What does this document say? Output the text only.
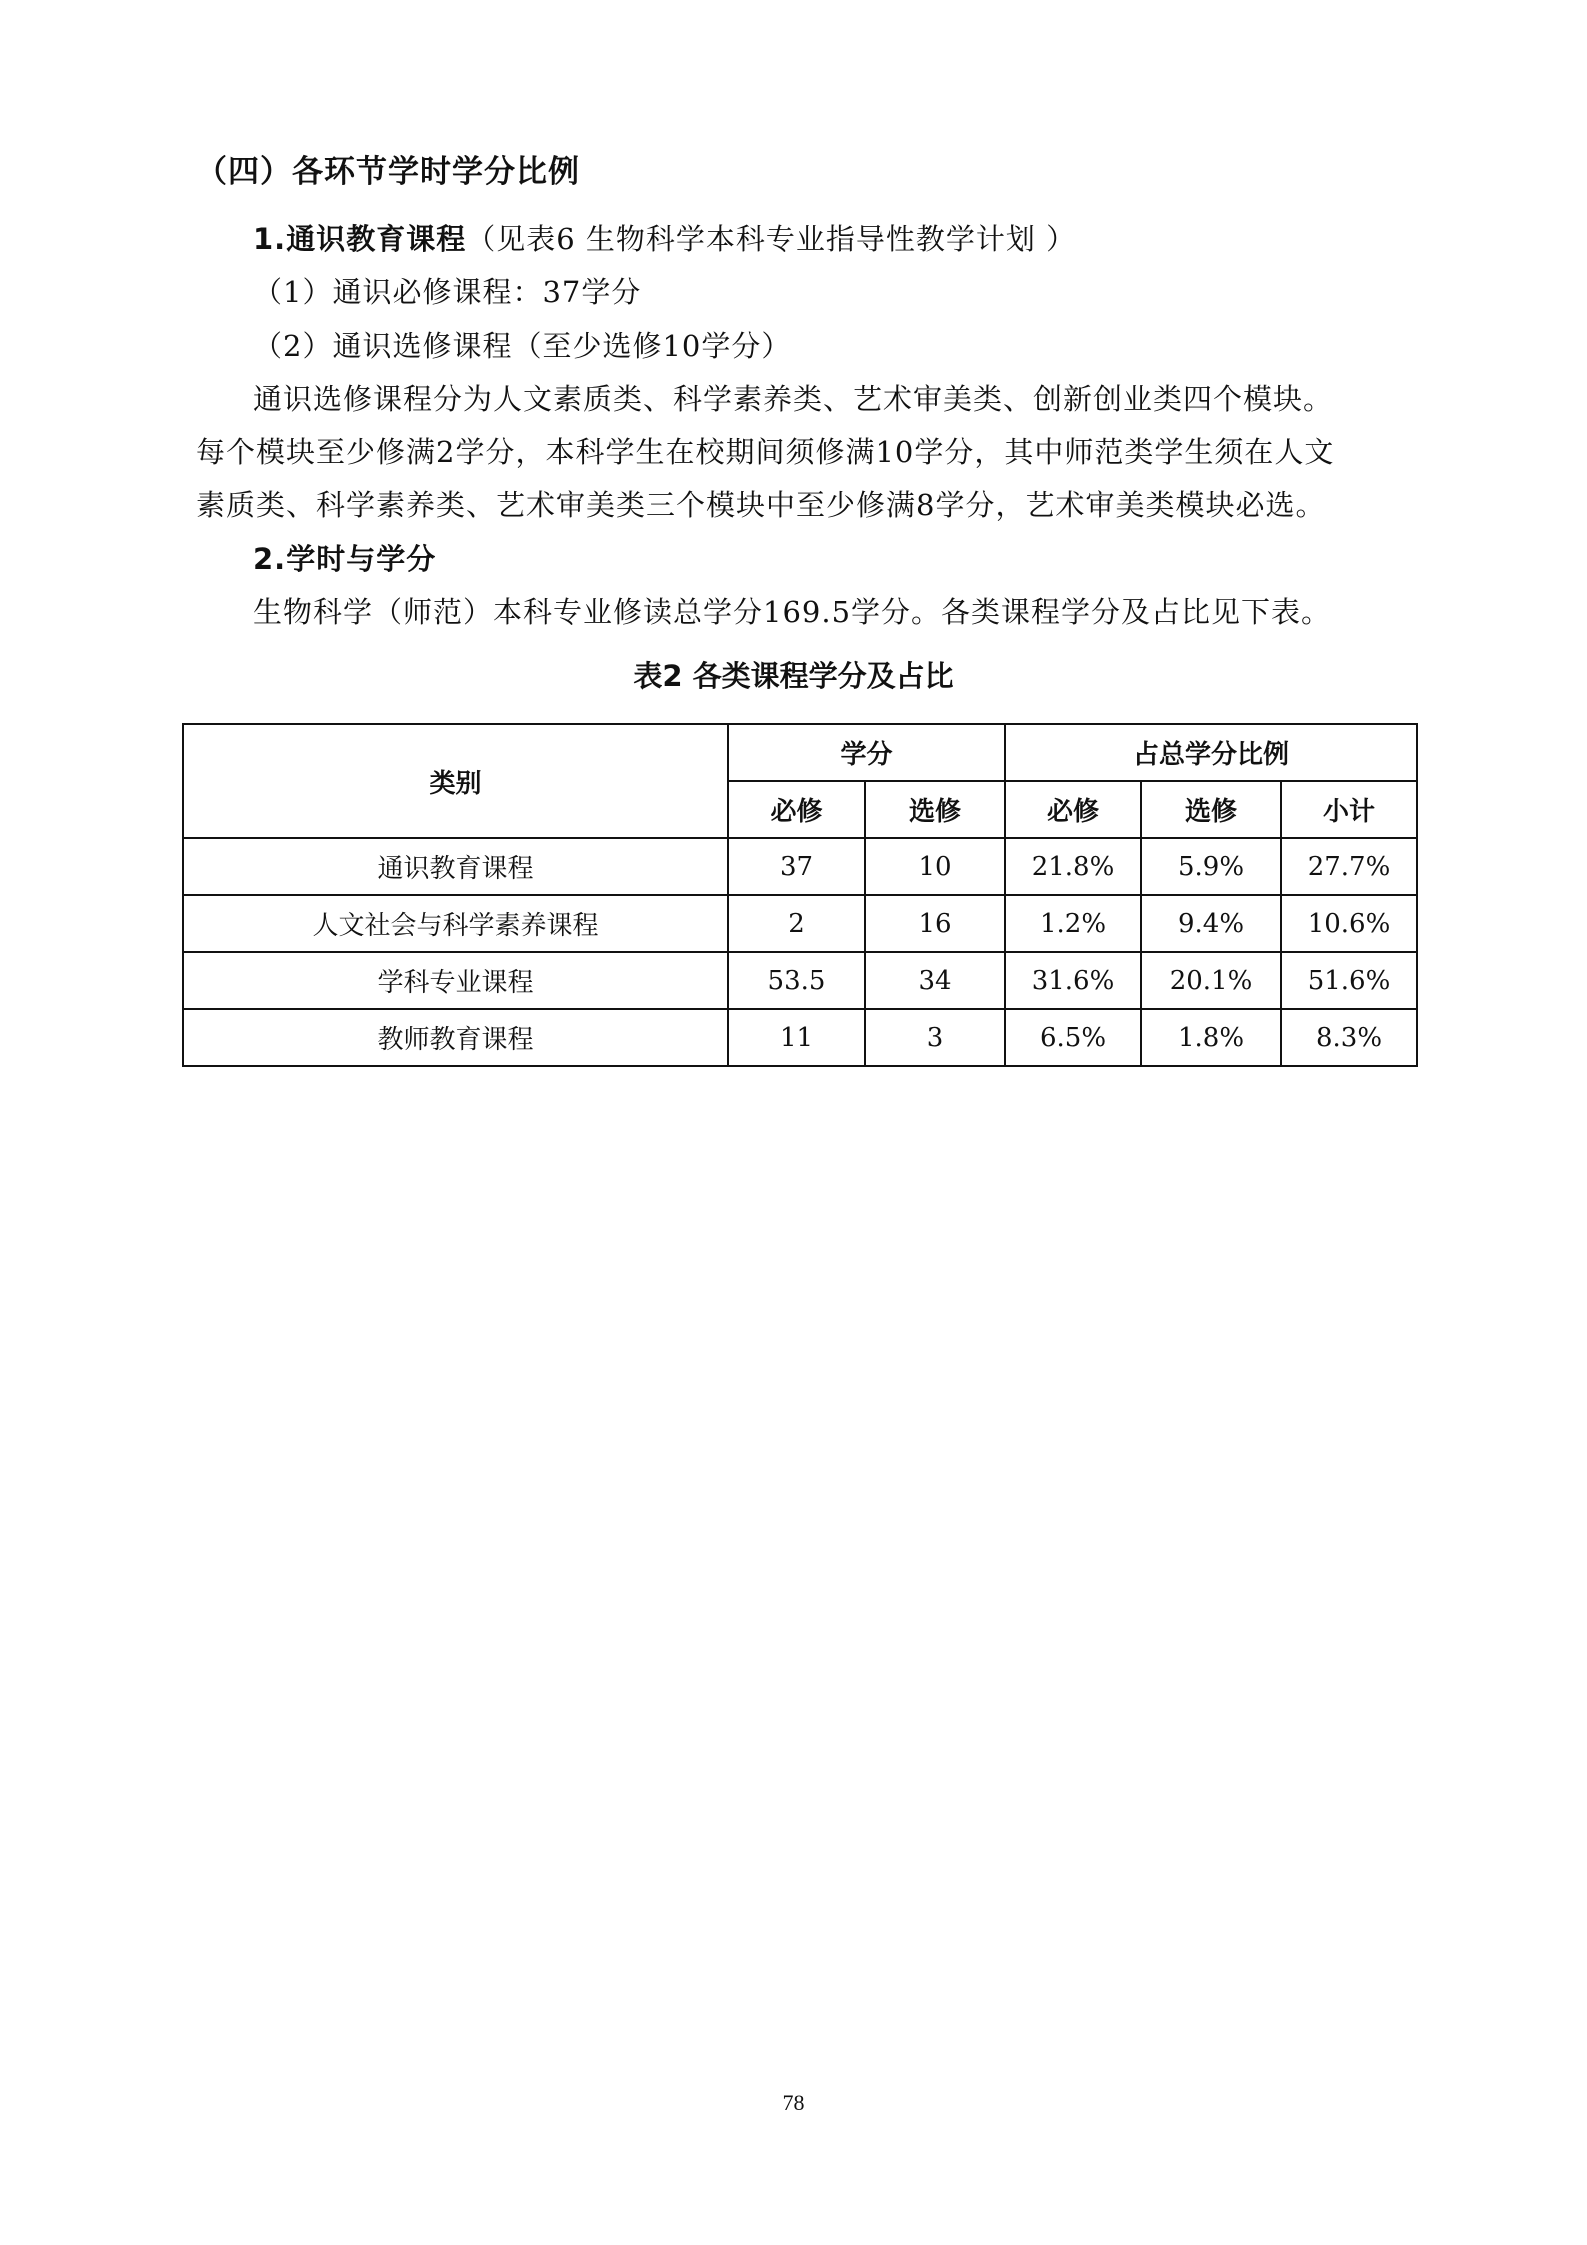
（四）各环节学时学分比例
1.通识教育课程（见表6 生物科学本科专业指导性教学计划 ）
（1）通识必修课程：37学分
（2）通识选修课程（至少选修10学分）
通识选修课程分为人文素质类、科学素养类、艺术审美类、创新创业类四个模块。
每个模块至少修满2学分，本科学生在校期间须修满10学分，其中师范类学生须在人文
素质类、科学素养类、艺术审美类三个模块中至少修满8学分，艺术审美类模块必选。
2.学时与学分
生物科学（师范）本科专业修读总学分169.5学分。各类课程学分及占比见下表。
表2 各类课程学分及占比
类别	学分		占总学分比例		
	必修	选修	必修	选修	小计
通识教育课程	37	10	21.8%	5.9%	27.7%
人文社会与科学素养课程	2	16	1.2%	9.4%	10.6%
学科专业课程	53.5	34	31.6%	20.1%	51.6%
教师教育课程	11	3	6.5%	1.8%	8.3%
78
